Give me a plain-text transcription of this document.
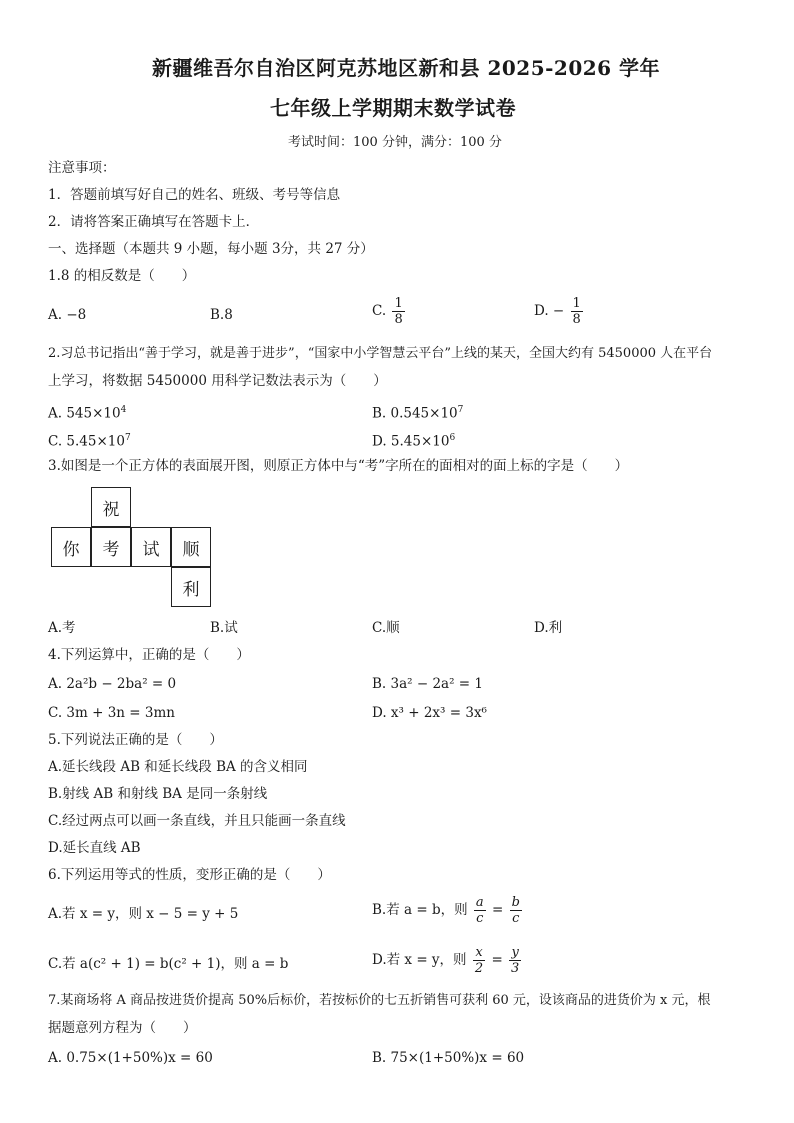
新疆维吾尔自治区阿克苏地区新和县 2025-2026 学年
七年级上学期期末数学试卷
考试时间：100 分钟，满分：100 分
注意事项：
1．答题前填写好自己的姓名、班级、考号等信息
2．请将答案正确填写在答题卡上．
一、选择题（本题共 9 小题，每小题 3分，共 27 分）
1.8 的相反数是（　　）
A. −8	B.8	C. $\frac{1}{8}$	D. − $\frac{1}{8}$
2.习总书记指出“善于学习，就是善于进步”，“国家中小学智慧云平台”上线的某天，全国大约有 5450000 人在平台
上学习，将数据 5450000 用科学记数法表示为（　　）
A. $545\times 10^4$	B. $0.545\times 10^7$
C. $5.45\times 10^7$	D. $5.45\times 10^6$
3.如图是一个正方体的表面展开图，则原正方体中与“考”字所在的面相对的面上标的字是（　　）
祝
你	考	试	顺
利
A.考	B.试	C.顺	D.利
4.下列运算中，正确的是（　　）
A. 2a²b − 2ba² = 0	B. 3a² − 2a² = 1
C. 3m + 3n = 3mn	D. x³ + 2x³ = 3x⁶
5.下列说法正确的是（　　）
A.延长线段 AB 和延长线段 BA 的含义相同
B.射线 AB 和射线 BA 是同一条射线
C.经过两点可以画一条直线，并且只能画一条直线
D.延长直线 AB
6.下列运用等式的性质，变形正确的是（　　）
A.若 x = y，则 x − 5 = y + 5	B.若 a = b，则 $\frac{a}{c} = \frac{b}{c}$
C.若 a(c² + 1) = b(c² + 1)，则 a = b	D.若 x = y，则 $\frac{x}{2} = \frac{y}{3}$
7.某商场将 A 商品按进货价提高 50%后标价，若按标价的七五折销售可获利 60 元，设该商品的进货价为 x 元，根
据题意列方程为（　　）
A. 0.75×(1+50%)x = 60	B. 75×(1+50%)x = 60
